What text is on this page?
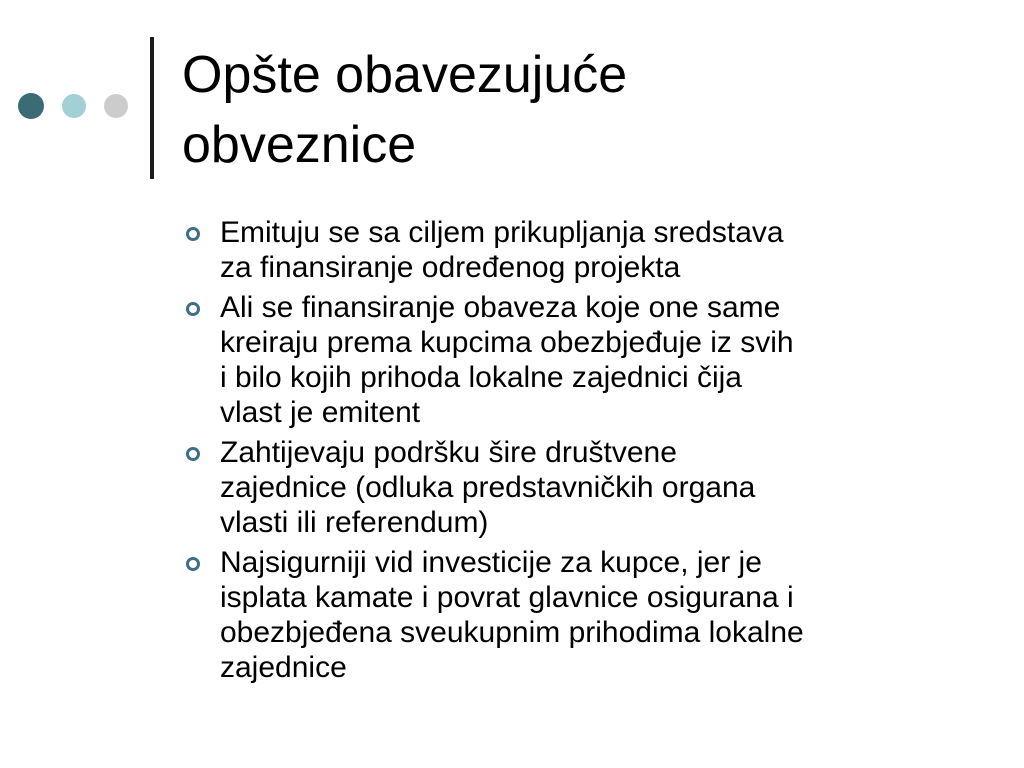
Opšte obavezujuće
obveznice
Emituju se sa ciljem prikupljanja sredstava
za finansiranje određenog projekta
Ali se finansiranje obaveza koje one same
kreiraju prema kupcima obezbjeđuje iz svih
i bilo kojih prihoda lokalne zajednici čija
vlast je emitent
Zahtijevaju podršku šire društvene
zajednice (odluka predstavničkih organa
vlasti ili referendum)
Najsigurniji vid investicije za kupce, jer je
isplata kamate i povrat glavnice osigurana i
obezbjeđena sveukupnim prihodima lokalne
zajednice
